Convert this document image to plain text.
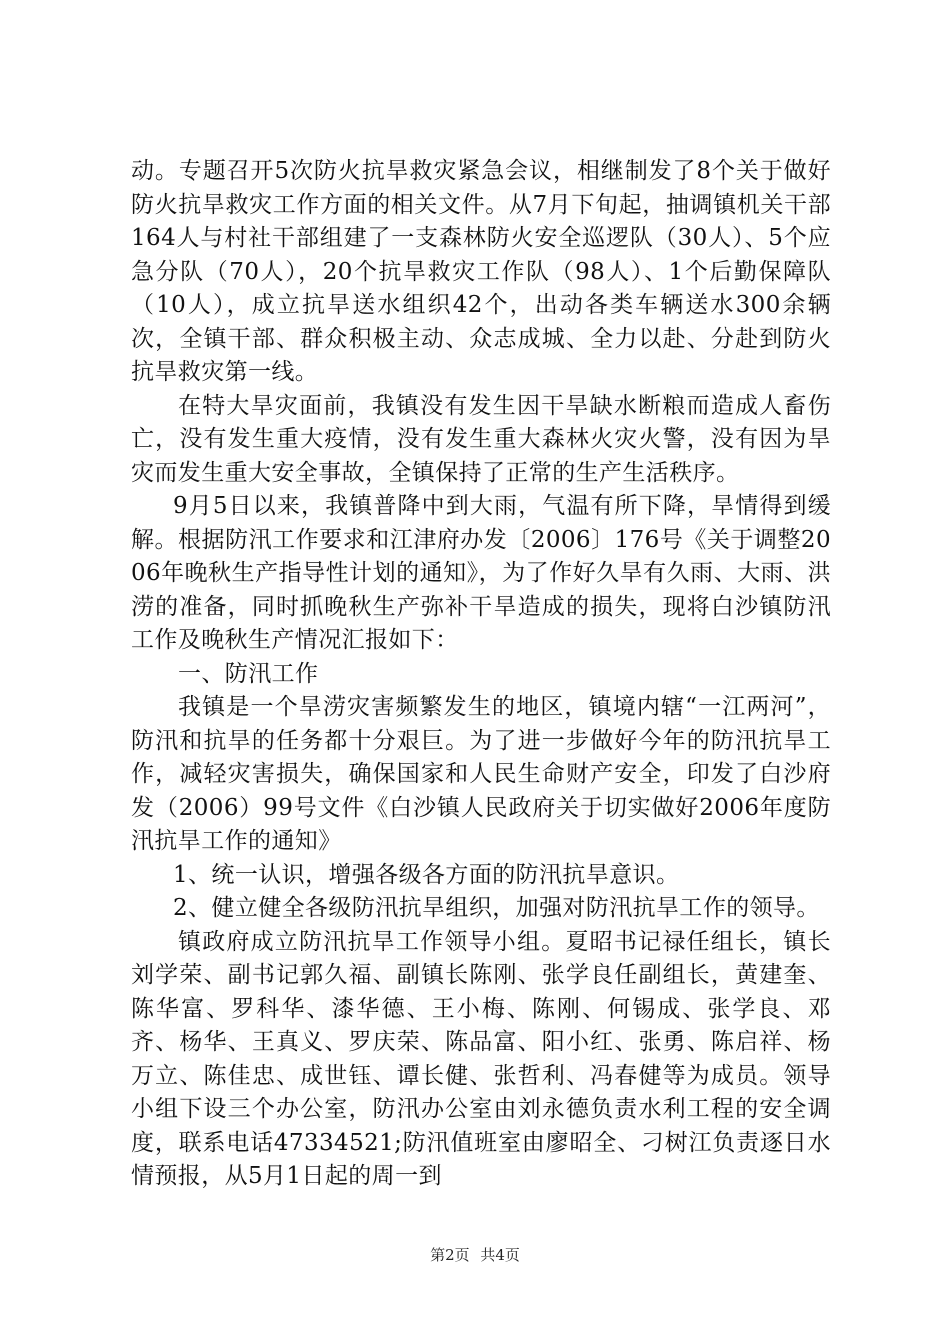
动。专题召开5次防火抗旱救灾紧急会议，相继制发了8个关于做好防火抗旱救灾工作方面的相关文件。从7月下旬起，抽调镇机关干部164人与村社干部组建了一支森林防火安全巡逻队（30人）、5个应急分队（70人），20个抗旱救灾工作队（98人）、1个后勤保障队（10人），成立抗旱送水组织42个，出动各类车辆送水300余辆次，全镇干部、群众积极主动、众志成城、全力以赴、分赴到防火抗旱救灾第一线。

在特大旱灾面前，我镇没有发生因干旱缺水断粮而造成人畜伤亡，没有发生重大疫情，没有发生重大森林火灾火警，没有因为旱灾而发生重大安全事故，全镇保持了正常的生产生活秩序。

9月5日以来，我镇普降中到大雨，气温有所下降，旱情得到缓解。根据防汛工作要求和江津府办发〔2006〕176号《关于调整2006年晚秋生产指导性计划的通知》，为了作好久旱有久雨、大雨、洪涝的准备，同时抓晚秋生产弥补干旱造成的损失，现将白沙镇防汛工作及晚秋生产情况汇报如下：

一、防汛工作

我镇是一个旱涝灾害频繁发生的地区，镇境内辖“一江两河”，防汛和抗旱的任务都十分艰巨。为了进一步做好今年的防汛抗旱工作，减轻灾害损失，确保国家和人民生命财产安全，印发了白沙府发（2006）99号文件《白沙镇人民政府关于切实做好2006年度防汛抗旱工作的通知》

1、统一认识，增强各级各方面的防汛抗旱意识。

2、健立健全各级防汛抗旱组织，加强对防汛抗旱工作的领导。

镇政府成立防汛抗旱工作领导小组。夏昭书记禄任组长，镇长刘学荣、副书记郭久福、副镇长陈刚、张学良任副组长，黄建奎、陈华富、罗科华、漆华德、王小梅、陈刚、何锡成、张学良、邓齐、杨华、王真义、罗庆荣、陈品富、阳小红、张勇、陈启祥、杨万立、陈佳忠、成世钰、谭长健、张哲利、冯春健等为成员。领导小组下设三个办公室，防汛办公室由刘永德负责水利工程的安全调度，联系电话47334521;防汛值班室由廖昭全、刁树江负责逐日水情预报，从5月1日起的周一到

第2页 共4页
